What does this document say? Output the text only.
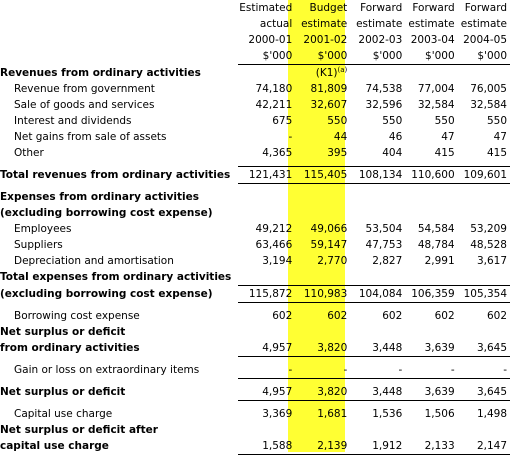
	Estimated	Budget	Forward	Forward	Forward
	actual	estimate	estimate	estimate	estimate
	2000-01	2001-02	2002-03	2003-04	2004-05
	$'000	$'000	$'000	$'000	$'000
Revenues from ordinary activities		$(K1)^{(a)}$			
Revenue from government	74,180	81,809	74,538	77,004	76,005
Sale of goods and services	42,211	32,607	32,596	32,584	32,584
Interest and dividends	675	550	550	550	550
Net gains from sale of assets	-	44	46	47	47
Other	4,365	395	404	415	415

Total revenues from ordinary activities	121,431	115,405	108,134	110,600	109,601

Expenses from ordinary activities					
(excluding borrowing cost expense)					
Employees	49,212	49,066	53,504	54,584	53,209
Suppliers	63,466	59,147	47,753	48,784	48,528
Depreciation and amortisation	3,194	2,770	2,827	2,991	3,617
Total expenses from ordinary activities					
(excluding borrowing cost expense)	115,872	110,983	104,084	106,359	105,354

Borrowing cost expense	602	602	602	602	602
Net surplus or deficit					
from ordinary activities	4,957	3,820	3,448	3,639	3,645

Gain or loss on extraordinary items	-	-	-	-	-

Net surplus or deficit	4,957	3,820	3,448	3,639	3,645

Capital use charge	3,369	1,681	1,536	1,506	1,498
Net surplus or deficit after					
capital use charge	1,588	2,139	1,912	2,133	2,147
